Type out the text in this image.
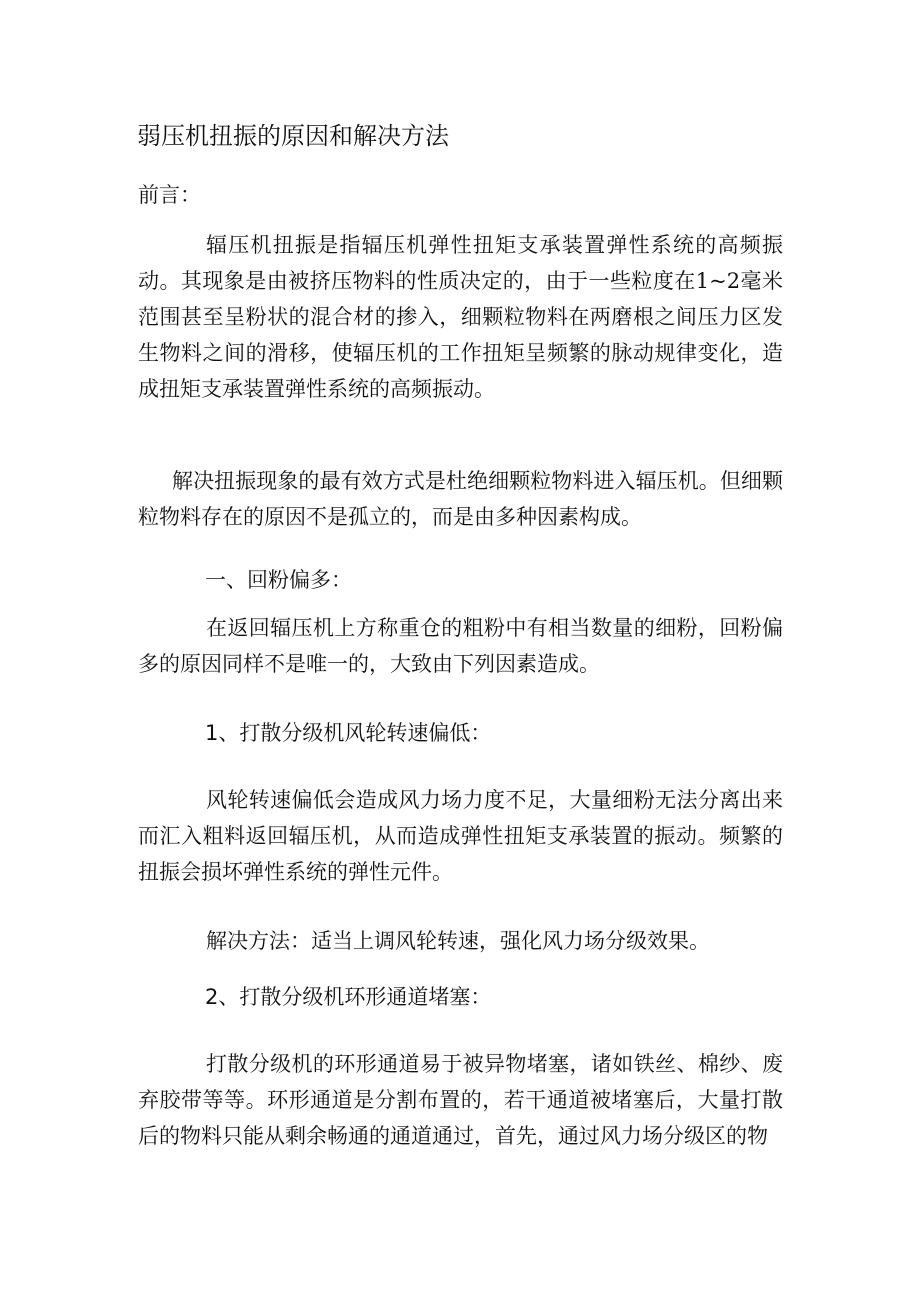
弱压机扭振的原因和解决方法
前言：

辐压机扭振是指辐压机弹性扭矩支承装置弹性系统的高频振动。其现象是由被挤压物料的性质决定的，由于一些粒度在1~2毫米范围甚至呈粉状的混合材的掺入，细颗粒物料在两磨根之间压力区发生物料之间的滑移，使辐压机的工作扭矩呈频繁的脉动规律变化，造成扭矩支承装置弹性系统的高频振动。

解决扭振现象的最有效方式是杜绝细颗粒物料进入辐压机。但细颗粒物料存在的原因不是孤立的，而是由多种因素构成。

一、回粉偏多：

在返回辐压机上方称重仓的粗粉中有相当数量的细粉，回粉偏多的原因同样不是唯一的，大致由下列因素造成。

1、打散分级机风轮转速偏低：

风轮转速偏低会造成风力场力度不足，大量细粉无法分离出来而汇入粗料返回辐压机，从而造成弹性扭矩支承装置的振动。频繁的扭振会损坏弹性系统的弹性元件。

解决方法：适当上调风轮转速，强化风力场分级效果。

2、打散分级机环形通道堵塞：

打散分级机的环形通道易于被异物堵塞，诸如铁丝、棉纱、废弃胶带等等。环形通道是分割布置的，若干通道被堵塞后，大量打散后的物料只能从剩余畅通的通道通过，首先，通过风力场分级区的物
